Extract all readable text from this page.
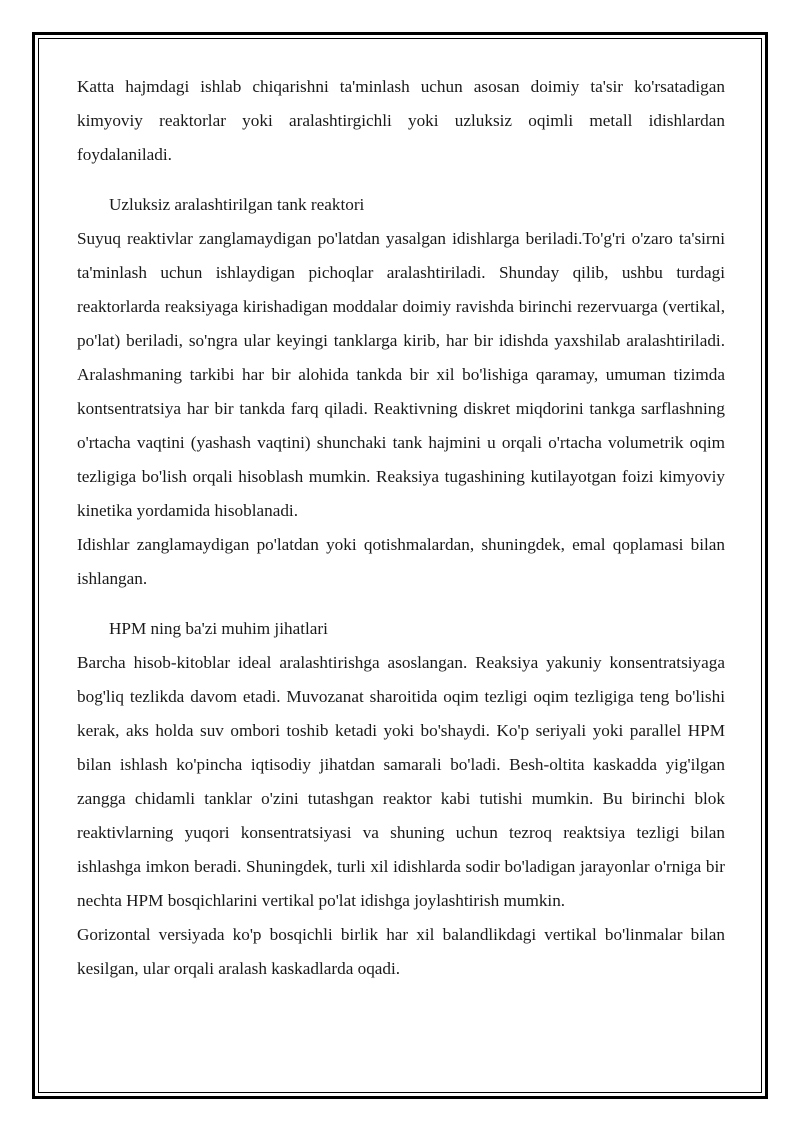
Katta hajmdagi ishlab chiqarishni ta'minlash uchun asosan doimiy ta'sir ko'rsatadigan kimyoviy reaktorlar yoki aralashtirgichli yoki uzluksiz oqimli metall idishlardan foydalaniladi.

Uzluksiz aralashtirilgan tank reaktori

Suyuq reaktivlar zanglamaydigan po'latdan yasalgan idishlarga beriladi.To'g'ri o'zaro ta'sirni ta'minlash uchun ishlaydigan pichoqlar aralashtiriladi. Shunday qilib, ushbu turdagi reaktorlarda reaksiyaga kirishadigan moddalar doimiy ravishda birinchi rezervuarga (vertikal, po'lat) beriladi, so'ngra ular keyingi tanklarga kirib, har bir idishda yaxshilab aralashtiriladi. Aralashmaning tarkibi har bir alohida tankda bir xil bo'lishiga qaramay, umuman tizimda kontsentratsiya har bir tankda farq qiladi. Reaktivning diskret miqdorini tankga sarflashning o'rtacha vaqtini (yashash vaqtini) shunchaki tank hajmini u orqali o'rtacha volumetrik oqim tezligiga bo'lish orqali hisoblash mumkin. Reaksiya tugashining kutilayotgan foizi kimyoviy kinetika yordamida hisoblanadi.

Idishlar zanglamaydigan po'latdan yoki qotishmalardan, shuningdek, emal qoplamasi bilan ishlangan.

HPM ning ba'zi muhim jihatlari

Barcha hisob-kitoblar ideal aralashtirishga asoslangan. Reaksiya yakuniy konsentratsiyaga bog'liq tezlikda davom etadi. Muvozanat sharoitida oqim tezligi oqim tezligiga teng bo'lishi kerak, aks holda suv ombori toshib ketadi yoki bo'shaydi. Ko'p seriyali yoki parallel HPM bilan ishlash ko'pincha iqtisodiy jihatdan samarali bo'ladi. Besh-oltita kaskadda yig'ilgan zangga chidamli tanklar o'zini tutashgan reaktor kabi tutishi mumkin. Bu birinchi blok reaktivlarning yuqori konsentratsiyasi va shuning uchun tezroq reaktsiya tezligi bilan ishlashga imkon beradi. Shuningdek, turli xil idishlarda sodir bo'ladigan jarayonlar o'rniga bir nechta HPM bosqichlarini vertikal po'lat idishga joylashtirish mumkin.

Gorizontal versiyada ko'p bosqichli birlik har xil balandlikdagi vertikal bo'linmalar bilan kesilgan, ular orqali aralash kaskadlarda oqadi.
